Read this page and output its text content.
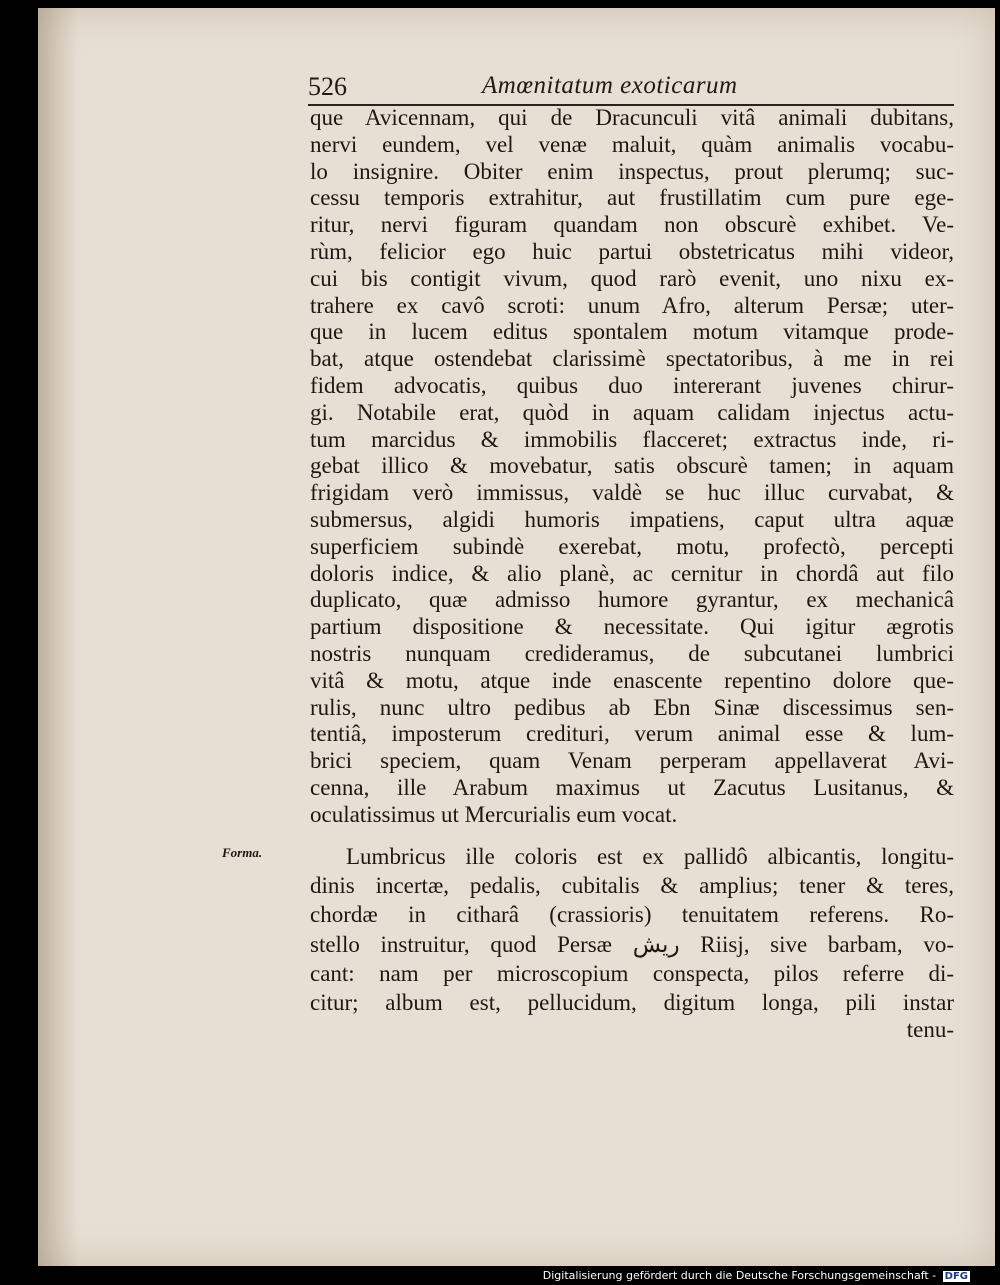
526	Amœnitatum exoticarum
que Avicennam, qui de Dracunculi vitâ animali dubitans,
nervi eundem, vel venæ maluit, quàm animalis vocabu-
lo insignire. Obiter enim inspectus, prout plerumq; suc-
cessu temporis extrahitur, aut frustillatim cum pure ege-
ritur, nervi figuram quandam non obscurè exhibet. Ve-
rùm, felicior ego huic partui obstetricatus mihi videor,
cui bis contigit vivum, quod rarò evenit, uno nixu ex-
trahere ex cavô scroti: unum Afro, alterum Persæ; uter-
que in lucem editus spontalem motum vitamque prode-
bat, atque ostendebat clarissimè spectatoribus, à me in rei
fidem advocatis, quibus duo intererant juvenes chirur-
gi. Notabile erat, quòd in aquam calidam injectus actu-
tum marcidus & immobilis flacceret; extractus inde, ri-
gebat illico & movebatur, satis obscurè tamen; in aquam
frigidam verò immissus, valdè se huc illuc curvabat, &
submersus, algidi humoris impatiens, caput ultra aquæ
superficiem subindè exerebat, motu, profectò, percepti
doloris indice, & alio planè, ac cernitur in chordâ aut filo
duplicato, quæ admisso humore gyrantur, ex mechanicâ
partium dispositione & necessitate. Qui igitur ægrotis
nostris nunquam credideramus, de subcutanei lumbrici
vitâ & motu, atque inde enascente repentino dolore que-
rulis, nunc ultro pedibus ab Ebn Sinæ discessimus sen-
tentiâ, imposterum credituri, verum animal esse & lum-
brici speciem, quam Venam perperam appellaverat Avi-
cenna, ille Arabum maximus ut Zacutus Lusitanus, &
oculatissimus ut Mercurialis eum vocat.
Forma.	Lumbricus ille coloris est ex pallidô albicantis, longitu-
dinis incertæ, pedalis, cubitalis & amplius; tener & teres,
chordæ in citharâ (crassioris) tenuitatem referens. Ro-
stello instruitur, quod Persæ ریش Riisj, sive barbam, vo-
cant: nam per microscopium conspecta, pilos referre di-
citur; album est, pellucidum, digitum longa, pili instar
tenu-
Digitalisierung gefördert durch die Deutsche Forschungsgemeinschaft - DFG
